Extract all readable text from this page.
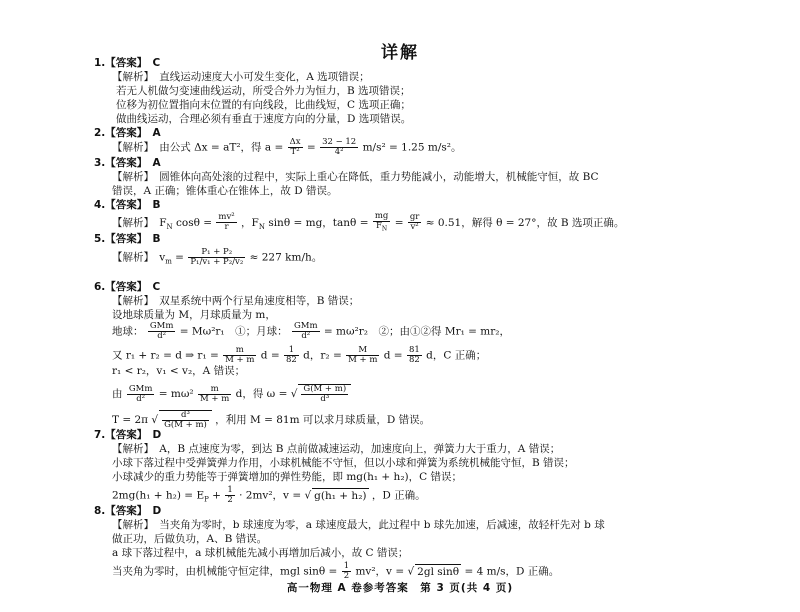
详解
1.【答案】　C
【解析】　直线运动速度大小可发生变化，A 选项错误；
若无人机做匀变速曲线运动，所受合外力为恒力，B 选项错误；
位移为初位置指向末位置的有向线段，比曲线短，C 选项正确；
做曲线运动，合理必须有垂直于速度方向的分量，D 选项错误。
2.【答案】　A
【解析】　由公式 Δx = aT²，得 $a = \frac{\Delta x}{\text{T²}} = \frac{32 - 12}{\text{4²}} m/s^2 = 1.25$ m/s²。
3.【答案】　A
【解析】　圆锥体向高处滚的过程中，实际上重心在降低，重力势能减小，动能增大，机械能守恒，故 BC
错误，A 正确；锥体重心在锥体上，故 D 错误。
4.【答案】　B
【解析】　$F_N$ $\cos\theta = \frac{\text{mv²}}{r}$ ，$F_N$ sinθ = mg，$\tan\theta = \frac{mg}{F_N} = \frac{gr}{\text{v²}} \approx 0.51$，解得 θ = 27°，故 B 选项正确。
5.【答案】　B
【解析】　$v_m = \frac{\text{P₁ + P₂}}{\text{P₁/v₁ + P₂/v₂}} \approx 227$ km/h。
6.【答案】　C
【解析】　双星系统中两个行星角速度相等，B 错误；
设地球质量为 M，月球质量为 m，
地球： $\frac{\text{GMm}}{\text{d²}} = M\omega^2r_1$　①；月球： $\frac{\text{GMm}}{\text{d²}} = m\omega^2r_2$　②；由①②得 Mr₁ = mr₂，
又 r₁ + r₂ = d ⇒ $r_1 = \frac{m}{M + m}$ $d = \frac{1}{82}$ d，$r_2 = \frac{M}{M + m}$ $d = \frac{81}{82}$ d，C 正确；
r₁ < r₂，v₁ < v₂，A 错误；
由 $\frac{\text{GMm}}{\text{d²}} = m\omega^2 \frac{m}{M + m}$ d，得 ω = √ $\frac{G(M + m)}{\text{d³}}$
T = 2π √ $\frac{\text{d³}}{G(M + m)}$ ，利用 M = 81m 可以求月球质量，D 错误。
7.【答案】　D
【解析】　A，B 点速度为零，到达 B 点前做减速运动，加速度向上，弹簧力大于重力，A 错误；
小球下落过程中受弹簧弹力作用，小球机械能不守恒，但以小球和弹簧为系统机械能守恒，B 错误；
小球减少的重力势能等于弹簧增加的弹性势能，即 mg(h₁ + h₂)，C 错误；
$2mg(h_1 + h_2) = E_P + \frac{1}{2} \cdot 2mv^2$，v = √ g(h₁ + h₂) ，D 正确。
8.【答案】　D
【解析】　当夹角为零时，b 球速度为零，a 球速度最大，此过程中 b 球先加速，后减速，故轻杆先对 b 球
做正功，后做负功，A、B 错误。
a 球下落过程中，a 球机械能先减小再增加后减小，故 C 错误；
当夹角为零时，由机械能守恒定律，mgl $\sin\theta = \frac{1}{2} mv^2$，v = √ 2gl sinθ = 4 m/s，D 正确。
高一物理 A 卷参考答案　第 3 页(共 4 页)
